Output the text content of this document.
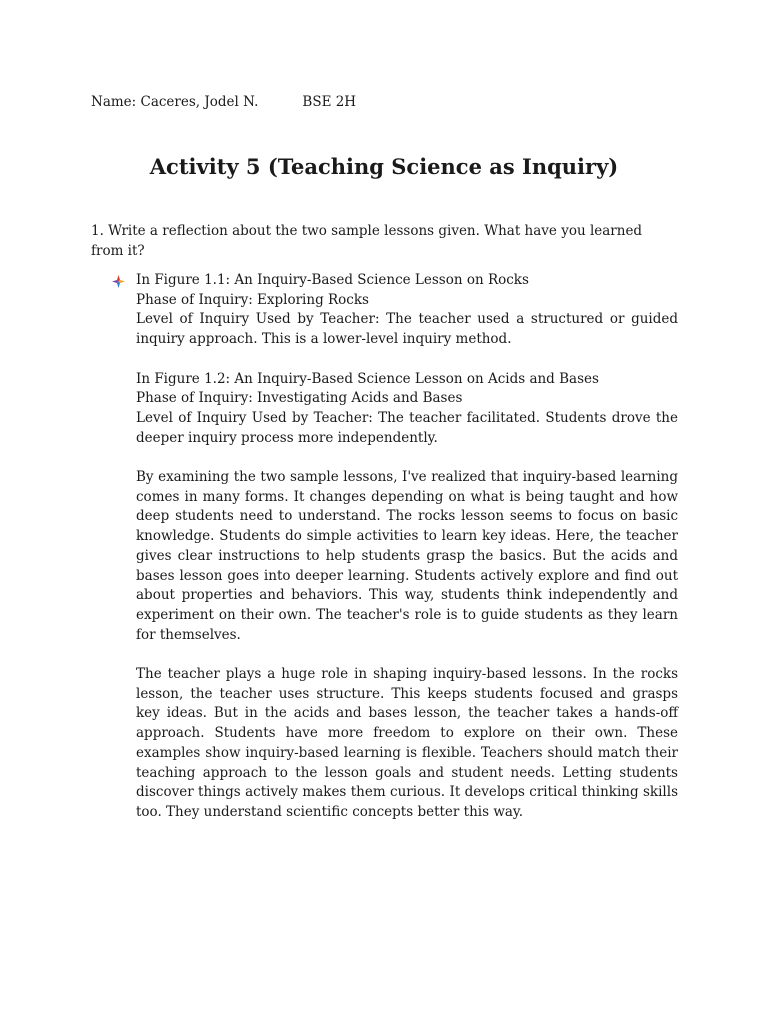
Name: Caceres, Jodel N.	BSE 2H
Activity 5 (Teaching Science as Inquiry)
1. Write a reflection about the two sample lessons given. What have you learned from it?

In Figure 1.1: An Inquiry-Based Science Lesson on Rocks
Phase of Inquiry: Exploring Rocks
Level of Inquiry Used by Teacher: The teacher used a structured or guided inquiry approach. This is a lower-level inquiry method.

In Figure 1.2: An Inquiry-Based Science Lesson on Acids and Bases
Phase of Inquiry: Investigating Acids and Bases
Level of Inquiry Used by Teacher: The teacher facilitated. Students drove the deeper inquiry process more independently.

By examining the two sample lessons, I've realized that inquiry-based learning comes in many forms. It changes depending on what is being taught and how deep students need to understand. The rocks lesson seems to focus on basic knowledge. Students do simple activities to learn key ideas. Here, the teacher gives clear instructions to help students grasp the basics. But the acids and bases lesson goes into deeper learning. Students actively explore and find out about properties and behaviors. This way, students think independently and experiment on their own. The teacher's role is to guide students as they learn for themselves.

The teacher plays a huge role in shaping inquiry-based lessons. In the rocks lesson, the teacher uses structure. This keeps students focused and grasps key ideas. But in the acids and bases lesson, the teacher takes a hands-off approach. Students have more freedom to explore on their own. These examples show inquiry-based learning is flexible. Teachers should match their teaching approach to the lesson goals and student needs. Letting students discover things actively makes them curious. It develops critical thinking skills too. They understand scientific concepts better this way.
